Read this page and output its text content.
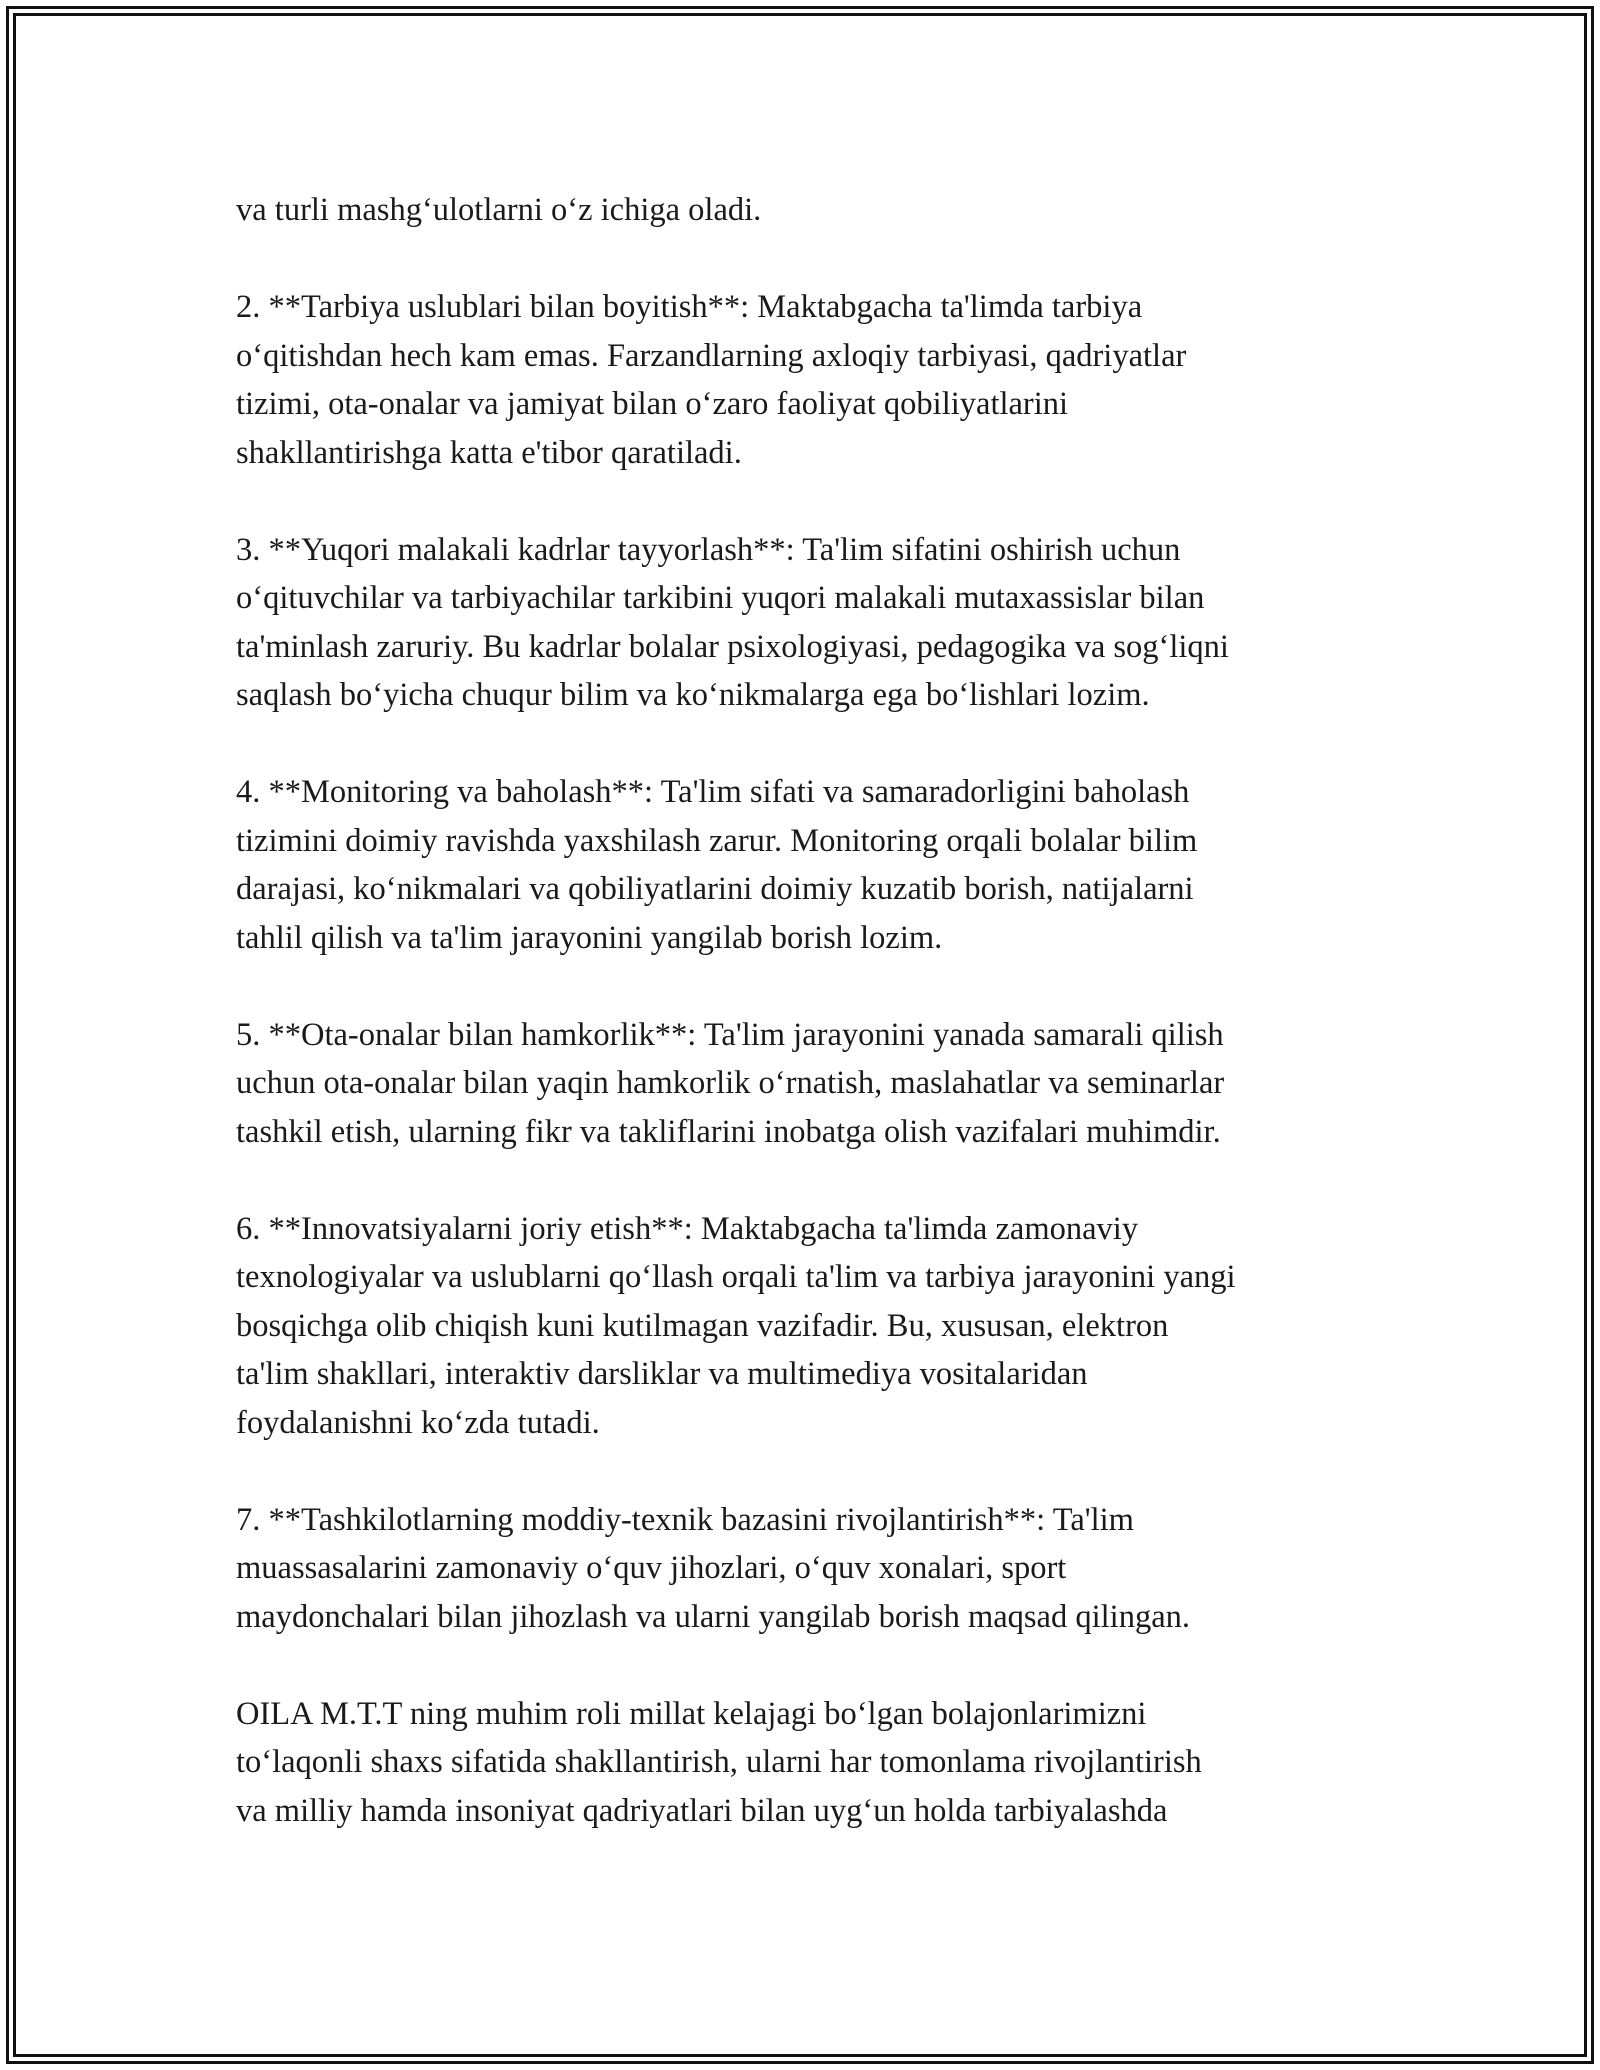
va turli mashg‘ulotlarni o‘z ichiga oladi.

2. **Tarbiya uslublari bilan boyitish**: Maktabgacha ta'limda tarbiya
o‘qitishdan hech kam emas. Farzandlarning axloqiy tarbiyasi, qadriyatlar
tizimi, ota-onalar va jamiyat bilan o‘zaro faoliyat qobiliyatlarini
shakllantirishga katta e'tibor qaratiladi.

3. **Yuqori malakali kadrlar tayyorlash**: Ta'lim sifatini oshirish uchun
o‘qituvchilar va tarbiyachilar tarkibini yuqori malakali mutaxassislar bilan
ta'minlash zaruriy. Bu kadrlar bolalar psixologiyasi, pedagogika va sog‘liqni
saqlash bo‘yicha chuqur bilim va ko‘nikmalarga ega bo‘lishlari lozim.

4. **Monitoring va baholash**: Ta'lim sifati va samaradorligini baholash
tizimini doimiy ravishda yaxshilash zarur. Monitoring orqali bolalar bilim
darajasi, ko‘nikmalari va qobiliyatlarini doimiy kuzatib borish, natijalarni
tahlil qilish va ta'lim jarayonini yangilab borish lozim.

5. **Ota-onalar bilan hamkorlik**: Ta'lim jarayonini yanada samarali qilish
uchun ota-onalar bilan yaqin hamkorlik o‘rnatish, maslahatlar va seminarlar
tashkil etish, ularning fikr va takliflarini inobatga olish vazifalari muhimdir.

6. **Innovatsiyalarni joriy etish**: Maktabgacha ta'limda zamonaviy
texnologiyalar va uslublarni qo‘llash orqali ta'lim va tarbiya jarayonini yangi
bosqichga olib chiqish kuni kutilmagan vazifadir. Bu, xususan, elektron
ta'lim shakllari, interaktiv darsliklar va multimediya vositalaridan
foydalanishni ko‘zda tutadi.

7. **Tashkilotlarning moddiy-texnik bazasini rivojlantirish**: Ta'lim
muassasalarini zamonaviy o‘quv jihozlari, o‘quv xonalari, sport
maydonchalari bilan jihozlash va ularni yangilab borish maqsad qilingan.

OILA M.T.T ning muhim roli millat kelajagi bo‘lgan bolajonlarimizni
to‘laqonli shaxs sifatida shakllantirish, ularni har tomonlama rivojlantirish
va milliy hamda insoniyat qadriyatlari bilan uyg‘un holda tarbiyalashda
